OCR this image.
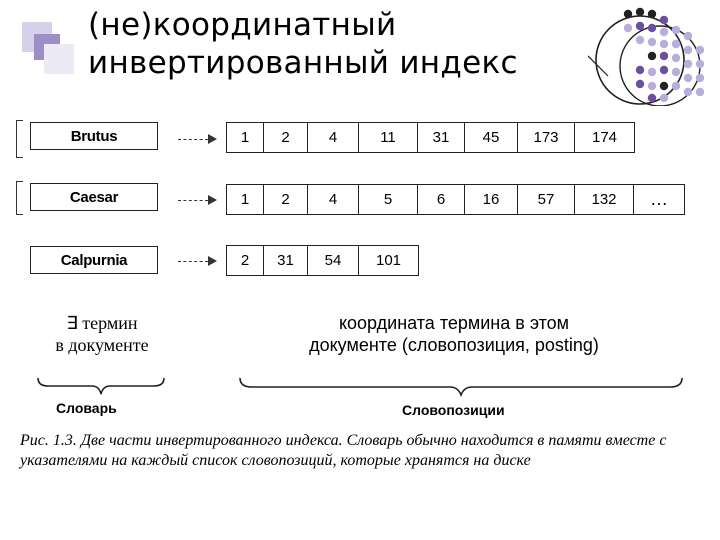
(не)координатный
инвертированный индекс
Brutus	1	2	4	11	31	45	173	174
Caesar	1	2	4	5	6	16	57	132	…
Calpurnia	2	31	54	101
∃ термин
в документе
координата термина в этом
документе (словопозиция, posting)
Словарь	Словопозиции
Рис. 1.3. Две части инвертированного индекса. Словарь обычно находится в памяти вместе с указателями на каждый список словопозиций, которые хранятся на диске
